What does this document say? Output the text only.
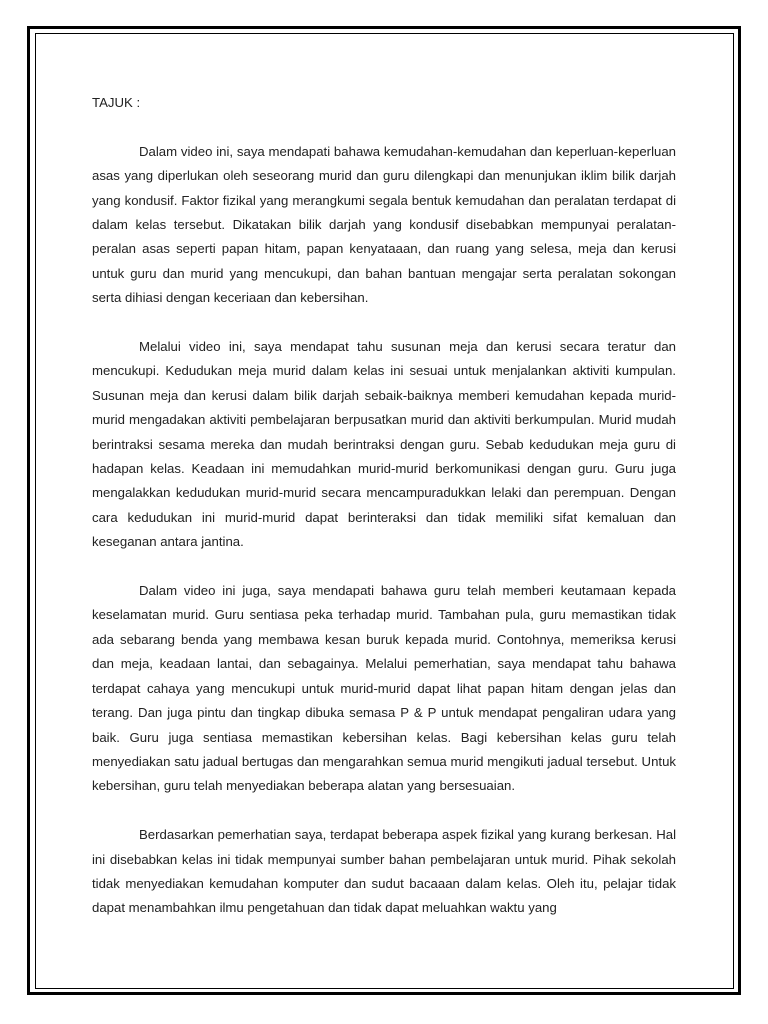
TAJUK :

Dalam video ini, saya mendapati bahawa kemudahan-kemudahan dan keperluan-keperluan asas yang diperlukan oleh seseorang murid dan guru dilengkapi dan menunjukan iklim bilik darjah yang kondusif. Faktor fizikal yang merangkumi segala bentuk kemudahan dan peralatan terdapat di dalam kelas tersebut. Dikatakan bilik darjah yang kondusif disebabkan mempunyai peralatan-peralan asas seperti papan hitam, papan kenyataaan, dan ruang yang selesa, meja dan kerusi untuk guru dan murid yang mencukupi, dan bahan bantuan mengajar serta peralatan sokongan serta dihiasi dengan keceriaan dan kebersihan.

Melalui video ini, saya mendapat tahu susunan meja dan kerusi secara teratur dan mencukupi. Kedudukan meja murid dalam kelas ini sesuai untuk menjalankan aktiviti kumpulan. Susunan meja dan kerusi dalam bilik darjah sebaik-baiknya memberi kemudahan kepada murid-murid mengadakan aktiviti pembelajaran berpusatkan murid dan aktiviti berkumpulan. Murid mudah berintraksi sesama mereka dan mudah berintraksi dengan guru. Sebab kedudukan meja guru di hadapan kelas. Keadaan ini memudahkan murid-murid berkomunikasi dengan guru. Guru juga mengalakkan kedudukan murid-murid secara mencampuradukkan lelaki dan perempuan. Dengan cara kedudukan ini murid-murid dapat berinteraksi dan tidak memiliki sifat kemaluan dan keseganan antara jantina.

Dalam video ini juga, saya mendapati bahawa guru telah memberi keutamaan kepada keselamatan murid. Guru sentiasa peka terhadap murid. Tambahan pula, guru memastikan tidak ada sebarang benda yang membawa kesan buruk kepada murid. Contohnya, memeriksa kerusi dan meja, keadaan lantai, dan sebagainya. Melalui pemerhatian, saya mendapat tahu bahawa terdapat cahaya yang mencukupi untuk murid-murid dapat lihat papan hitam dengan jelas dan terang. Dan juga pintu dan tingkap dibuka semasa P & P untuk mendapat pengaliran udara yang baik. Guru juga sentiasa memastikan kebersihan kelas. Bagi kebersihan kelas guru telah menyediakan satu jadual bertugas dan mengarahkan semua murid mengikuti jadual tersebut. Untuk kebersihan, guru telah menyediakan beberapa alatan yang bersesuaian.

Berdasarkan pemerhatian saya, terdapat beberapa aspek fizikal yang kurang berkesan. Hal ini disebabkan kelas ini tidak mempunyai sumber bahan pembelajaran untuk murid. Pihak sekolah tidak menyediakan kemudahan komputer dan sudut bacaaan dalam kelas. Oleh itu, pelajar tidak dapat menambahkan ilmu pengetahuan dan tidak dapat meluahkan waktu yang
